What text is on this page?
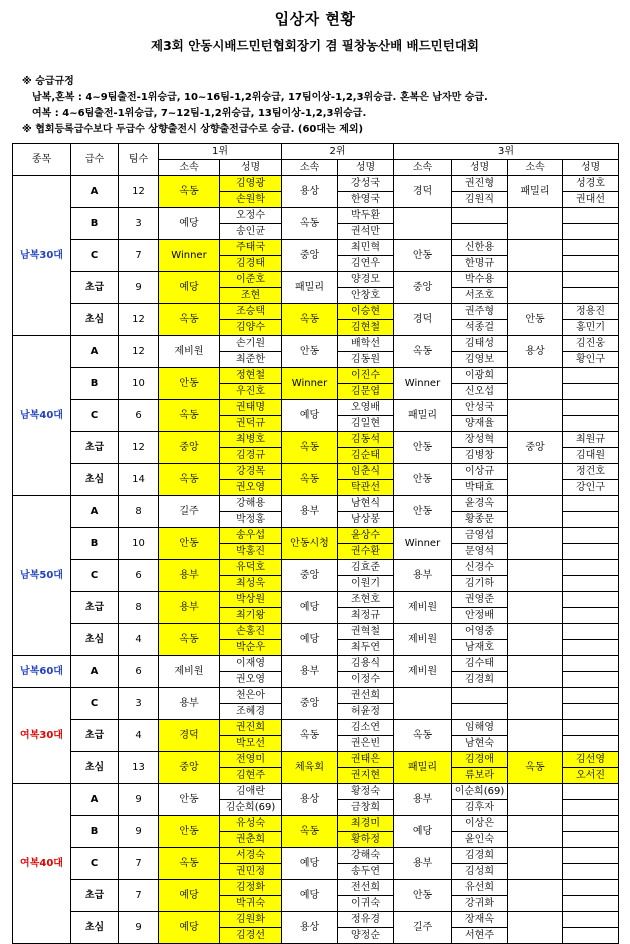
입상자 현황
제3회 안동시배드민턴협회장기 겸 필창농산배 배드민턴대회
※ 승급규정
남복,혼복 : 4~9팀출전-1위승급, 10~16팀-1,2위승급, 17팀이상-1,2,3위승급. 혼복은 남자만 승급.
여복 : 4~6팀출전-1위승급, 7~12팀-1,2위승급, 13팀이상-1,2,3위승급.
※ 협회등록급수보다 두급수 상향출전시 상향출전급수로 승급. (60대는 제외)
종목	급수	팀수	1위		2위		3위			
			소속	성명	소속	성명	소속	성명	소속	성명
남복30대	A	12	옥동	김영광	용상	강성국	경덕	권진형	패밀리	성경호
				손원학		한영국		김원직		권대선
	B	3	예당	오정수	옥동	박두환				
				송인균		권석만				
	C	7	Winner	주태국	중앙	최민혁	안동	신한용		
				김경태		김연우		한명규		
	초급	9	예당	이준호	패밀리	양경모	중앙	박수용		
				조현		안창호		서조호		
	초심	12	옥동	조승택	옥동	이승현	경덕	권주형	안동	정용진
				김양수		김현철		석종걸		홍민기
남복40대	A	12	제비원	손기원	안동	배학선	옥동	김태성	용상	김진웅
				최준한		김동원		김영보		황인구
	B	10	안동	정현철	Winner	이진수	Winner	이광희		
				우진호		김문엽		신오섭		
	C	6	옥동	권태명	예당	오영배	패밀리	안성국		
				권덕규		김일현		양재율		
	초급	12	중앙	최병호	옥동	김동석	안동	장성혁	중앙	최원규
				김경규		김순태		김병창		김대원
	초심	14	옥동	강경목	옥동	임춘식	안동	이상규		정건호
				권오영		탁관선		박태효		강인구
남복50대	A	8	길주	강해용	용부	남현식	안동	윤경옥		
				박정홍		남상봉		황종문		
	B	10	안동	송우섭	안동시청	윤상수	Winner	금영섭		
				박홍진		권수환		문영석		
	C	6	용부	유덕호	중앙	김효준	용부	신경수		
				최성욱		이원기		김기하		
	초급	8	용부	박상원	예당	조현호	제비원	권영준		
				최기왕		최정규		안정배		
	초심	4	옥동	손홍진	예당	권혁철	제비원	어영중		
				박순우		최두연		남재호		
남복60대	A	6	제비원	이재영	용부	김용식	제비원	김수태		
				권오영		이정수		김경회		
여복30대	C	3	용부	천은아	중앙	권선희				
				조혜경		허윤정				
	초급	4	경덕	권진희	옥동	김소연	옥동	임해영		
				박모선		권은빈		남현숙		
	초심	13	중앙	전영미	체육회	권태은	패밀리	김경애	옥동	김선영
				김현주		권지현		류보라		오서진
여복40대	A	9	안동	김애란	용상	황정숙	용부	이순희(69)		
				김순희(69)		금창희		김후자		
	B	9	안동	유성숙	옥동	최경미	예당	이상은		
				권춘희		황하정		윤인숙		
	C	7	옥동	서경숙	예당	강해숙	용부	김경희		
				권민정		송두연		김성희		
	초급	7	예당	김정화	예당	전선희	안동	유선희		
				박귀숙		이귀숙		강귀화		
	초심	9	예당	김원화	용상	정유경	길주	장재옥		
				김경선		양정순		서현주		
